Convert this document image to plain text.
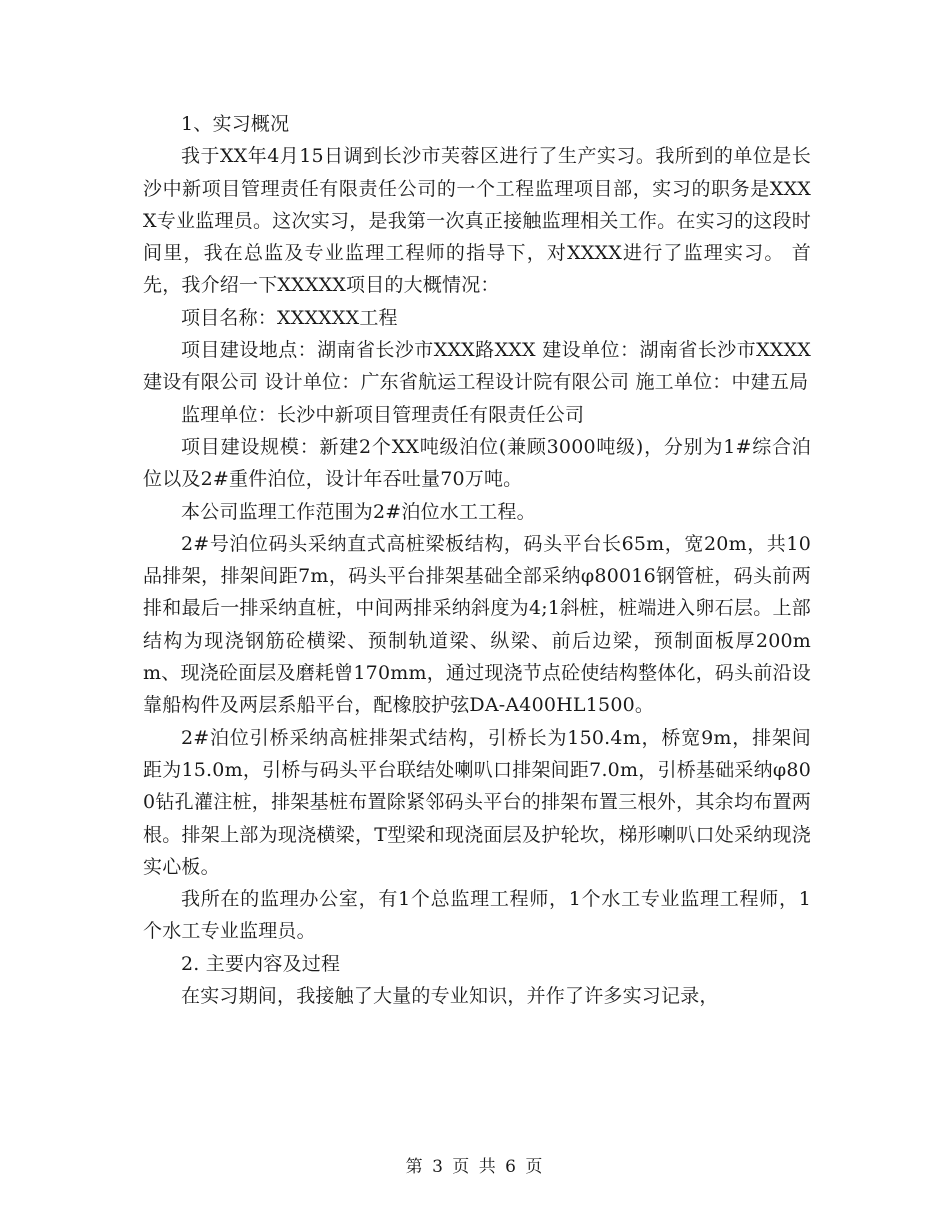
1、实习概况

我于XX年4月15日调到长沙市芙蓉区进行了生产实习。我所到的单位是长沙中新项目管理责任有限责任公司的一个工程监理项目部，实习的职务是XXXX专业监理员。这次实习，是我第一次真正接触监理相关工作。在实习的这段时间里，我在总监及专业监理工程师的指导下，对XXXX进行了监理实习。 首先，我介绍一下XXXXX项目的大概情况：

项目名称：XXXXXX工程

项目建设地点：湖南省长沙市XXX路XXX 建设单位：湖南省长沙市XXXX建设有限公司 设计单位：广东省航运工程设计院有限公司 施工单位：中建五局

监理单位：长沙中新项目管理责任有限责任公司

项目建设规模：新建2个XX吨级泊位(兼顾3000吨级)，分别为1#综合泊位以及2#重件泊位，设计年吞吐量70万吨。

本公司监理工作范围为2#泊位水工工程。

2#号泊位码头采纳直式高桩梁板结构，码头平台长65m，宽20m，共10品排架，排架间距7m，码头平台排架基础全部采纳φ80016钢管桩，码头前两排和最后一排采纳直桩，中间两排采纳斜度为4;1斜桩，桩端进入卵石层。上部结构为现浇钢筋砼横梁、预制轨道梁、纵梁、前后边梁，预制面板厚200mm、现浇砼面层及磨耗曾170mm，通过现浇节点砼使结构整体化，码头前沿设靠船构件及两层系船平台，配橡胶护弦DA-A400HL1500。

2#泊位引桥采纳高桩排架式结构，引桥长为150.4m，桥宽9m，排架间距为15.0m，引桥与码头平台联结处喇叭口排架间距7.0m，引桥基础采纳φ800钻孔灌注桩，排架基桩布置除紧邻码头平台的排架布置三根外，其余均布置两根。排架上部为现浇横梁，T型梁和现浇面层及护轮坎，梯形喇叭口处采纳现浇实心板。

我所在的监理办公室，有1个总监理工程师，1个水工专业监理工程师，1个水工专业监理员。

2. 主要内容及过程

在实习期间，我接触了大量的专业知识，并作了许多实习记录，

第 3 页 共 6 页
